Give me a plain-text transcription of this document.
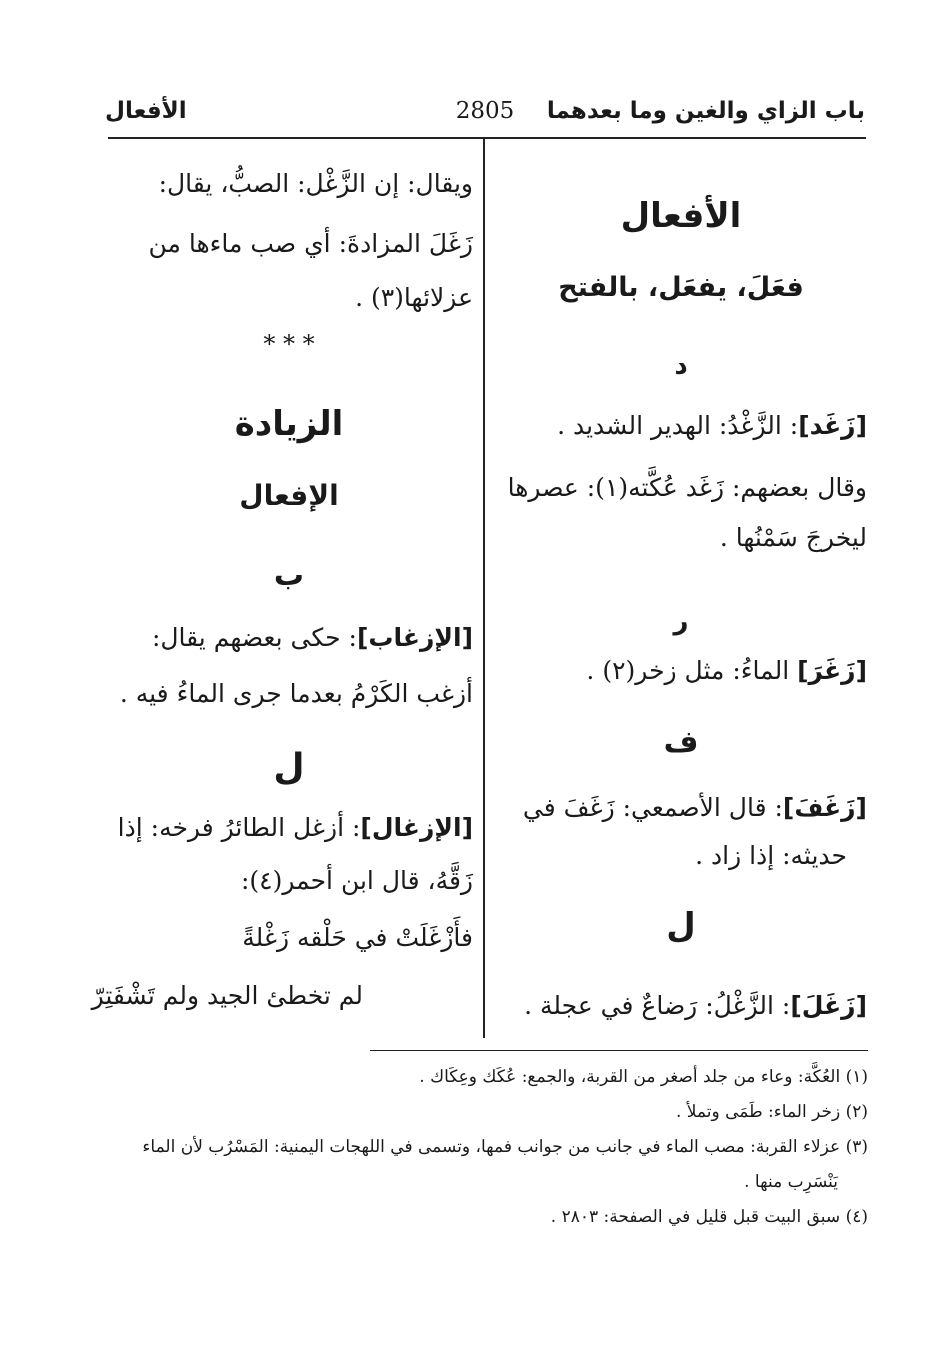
باب الزاي والغين وما بعدهما
2805
الأفعال
الأفعال
فعَلَ، يفعَل، بالفتح
د
[زَغَد]: الزَّغْدُ: الهدير الشديد .
وقال بعضهم: زَغَد عُكَّته(١): عصرها
ليخرجَ سَمْنُها .
ر
[زَغَرَ] الماءُ: مثل زخر(٢) .
ف
[زَغَفَ]: قال الأصمعي: زَغَفَ في
حديثه: إذا زاد .
ل
[زَغَلَ]: الزَّغْلُ: رَضاعٌ في عجلة .
ويقال: إن الزَّغْل: الصبُّ، يقال:
زَغَلَ المزادةَ: أي صب ماءها من
عزلائها(٣) .
* * *
الزيادة
الإفعال
ب
[الإزغاب]: حكى بعضهم يقال:
أزغب الكَرْمُ بعدما جرى الماءُ فيه .
ل
[الإزغال]: أزغل الطائرُ فرخه: إذا
زَقَّهُ، قال ابن أحمر(٤):
فأَزْغَلَتْ في حَلْقه زَغْلةً
لم تخطئ الجيد ولم تَشْفَتِرّ
(١) العُكَّة: وعاء من جلد أصغر من القربة، والجمع: عُكَك وعِكَاك .
(٢) زخر الماء: طَمَى وتملأ .
(٣) عزلاء القربة: مصب الماء في جانب من جوانب فمها، وتسمى في اللهجات اليمنية: المَسْرُب لأن الماء
يَنْسَرِب منها .
(٤) سبق البيت قبل قليل في الصفحة: ٢٨٠٣ .
